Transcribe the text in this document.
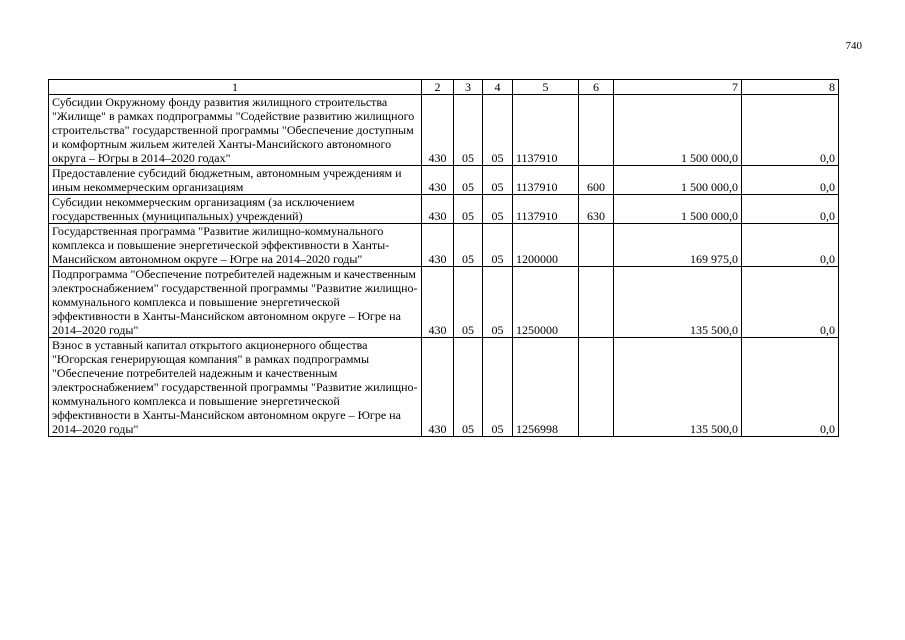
740
1	2	3	4	5	6	7	8

Субсидии Окружному фонду развития жилищного строительства "Жилище" в рамках подпрограммы "Содействие развитию жилищного строительства" государственной программы "Обеспечение доступным и комфортным жильем жителей Ханты-Мансийского автономного округа – Югры в 2014–2020 годах"	430	05	05	1137910		1 500 000,0	0,0

Предоставление субсидий бюджетным, автономным учреждениям и иным некоммерческим организациям	430	05	05	1137910	600	1 500 000,0	0,0

Субсидии некоммерческим организациям (за исключением государственных (муниципальных) учреждений)	430	05	05	1137910	630	1 500 000,0	0,0

Государственная программа "Развитие жилищно-коммунального комплекса и повышение энергетической эффективности в Ханты-Мансийском автономном округе – Югре на 2014–2020 годы"	430	05	05	1200000		169 975,0	0,0

Подпрограмма "Обеспечение потребителей надежным и качественным электроснабжением" государственной программы "Развитие жилищно-коммунального комплекса и повышение энергетической эффективности в Ханты-Мансийском автономном округе – Югре на 2014–2020 годы"	430	05	05	1250000		135 500,0	0,0

Взнос в уставный капитал открытого акционерного общества "Югорская генерирующая компания" в рамках подпрограммы "Обеспечение потребителей надежным и качественным электроснабжением" государственной программы "Развитие жилищно-коммунального комплекса и повышение энергетической эффективности в Ханты-Мансийском автономном округе – Югре на 2014–2020 годы"	430	05	05	1256998		135 500,0	0,0
